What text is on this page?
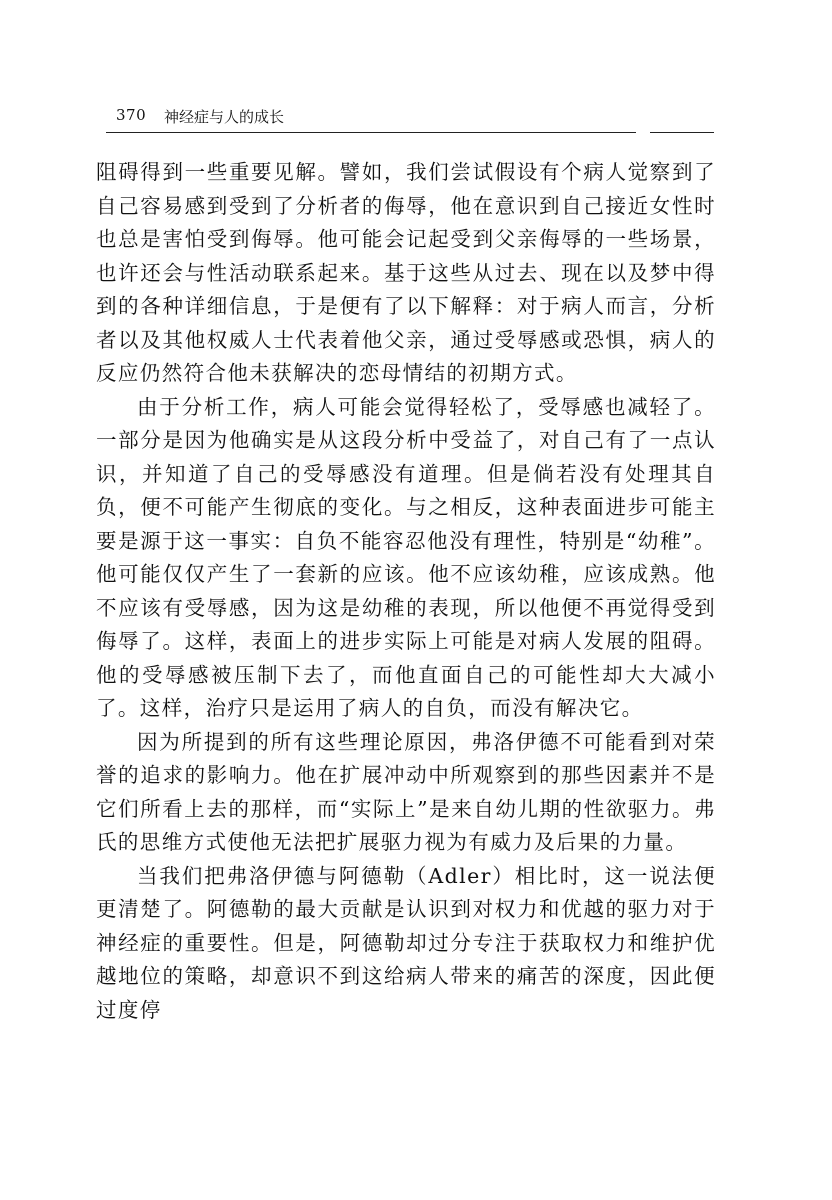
370 神经症与人的成长

阻碍得到一些重要见解。譬如，我们尝试假设有个病人觉察到了自己容易感到受到了分析者的侮辱，他在意识到自己接近女性时也总是害怕受到侮辱。他可能会记起受到父亲侮辱的一些场景，也许还会与性活动联系起来。基于这些从过去、现在以及梦中得到的各种详细信息，于是便有了以下解释：对于病人而言，分析者以及其他权威人士代表着他父亲，通过受辱感或恐惧，病人的反应仍然符合他未获解决的恋母情结的初期方式。

由于分析工作，病人可能会觉得轻松了，受辱感也减轻了。一部分是因为他确实是从这段分析中受益了，对自己有了一点认识，并知道了自己的受辱感没有道理。但是倘若没有处理其自负，便不可能产生彻底的变化。与之相反，这种表面进步可能主要是源于这一事实：自负不能容忍他没有理性，特别是“幼稚”。他可能仅仅产生了一套新的应该。他不应该幼稚，应该成熟。他不应该有受辱感，因为这是幼稚的表现，所以他便不再觉得受到侮辱了。这样，表面上的进步实际上可能是对病人发展的阻碍。他的受辱感被压制下去了，而他直面自己的可能性却大大减小了。这样，治疗只是运用了病人的自负，而没有解决它。

因为所提到的所有这些理论原因，弗洛伊德不可能看到对荣誉的追求的影响力。他在扩展冲动中所观察到的那些因素并不是它们所看上去的那样，而“实际上”是来自幼儿期的性欲驱力。弗氏的思维方式使他无法把扩展驱力视为有威力及后果的力量。

当我们把弗洛伊德与阿德勒（Adler）相比时，这一说法便更清楚了。阿德勒的最大贡献是认识到对权力和优越的驱力对于神经症的重要性。但是，阿德勒却过分专注于获取权力和维护优越地位的策略，却意识不到这给病人带来的痛苦的深度，因此便过度停
